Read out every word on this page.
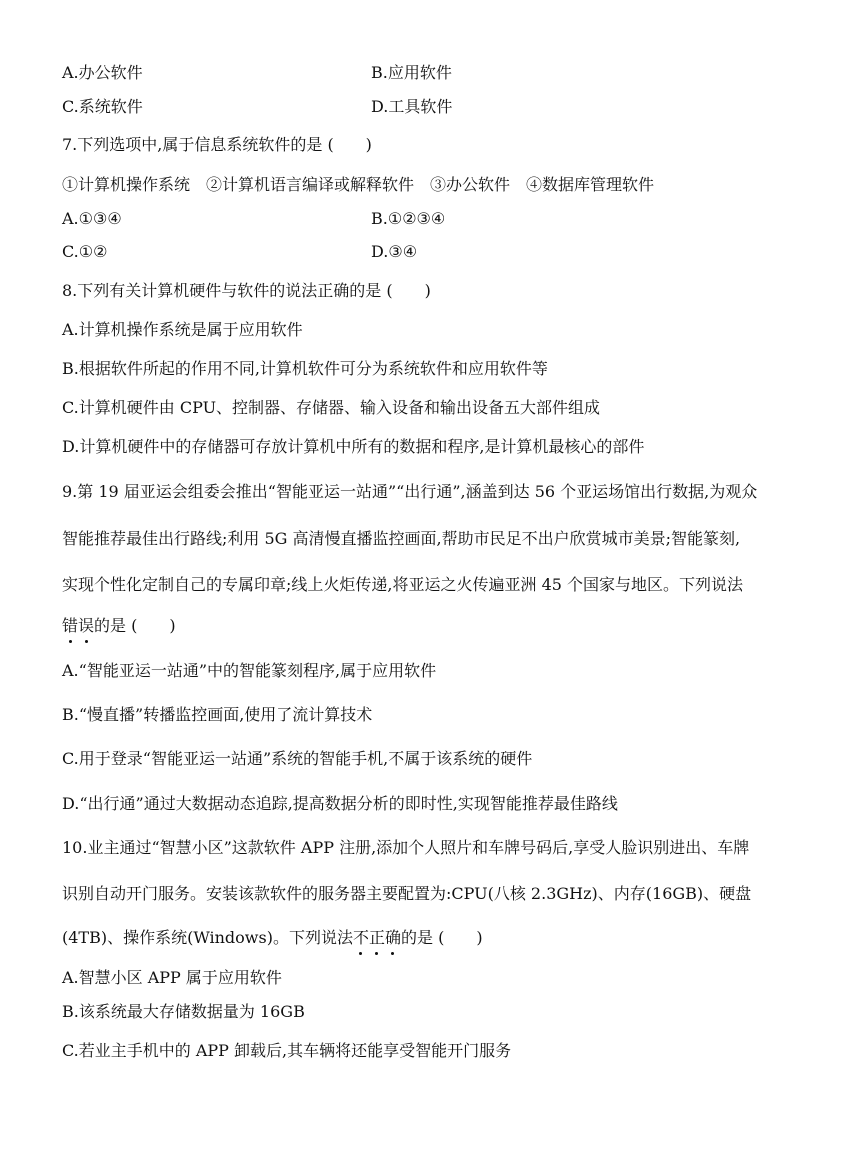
A.办公软件	B.应用软件
C.系统软件	D.工具软件
7.下列选项中,属于信息系统软件的是 (　　)
①计算机操作系统　②计算机语言编译或解释软件　③办公软件　④数据库管理软件
A.①③④	B.①②③④
C.①②	D.③④
8.下列有关计算机硬件与软件的说法正确的是 (　　)
A.计算机操作系统是属于应用软件
B.根据软件所起的作用不同,计算机软件可分为系统软件和应用软件等
C.计算机硬件由 CPU、控制器、存储器、输入设备和输出设备五大部件组成
D.计算机硬件中的存储器可存放计算机中所有的数据和程序,是计算机最核心的部件
9.第 19 届亚运会组委会推出“智能亚运一站通”“出行通”,涵盖到达 56 个亚运场馆出行数据,为观众
智能推荐最佳出行路线;利用 5G 高清慢直播监控画面,帮助市民足不出户欣赏城市美景;智能篆刻,
实现个性化定制自己的专属印章;线上火炬传递,将亚运之火传遍亚洲 45 个国家与地区。下列说法
错误的是 (　　)
A.“智能亚运一站通”中的智能篆刻程序,属于应用软件
B.“慢直播”转播监控画面,使用了流计算技术
C.用于登录“智能亚运一站通”系统的智能手机,不属于该系统的硬件
D.“出行通”通过大数据动态追踪,提高数据分析的即时性,实现智能推荐最佳路线
10.业主通过“智慧小区”这款软件 APP 注册,添加个人照片和车牌号码后,享受人脸识别进出、车牌
识别自动开门服务。安装该款软件的服务器主要配置为:CPU(八核 2.3GHz)、内存(16GB)、硬盘
(4TB)、操作系统(Windows)。下列说法不正确的是 (　　)
A.智慧小区 APP 属于应用软件
B.该系统最大存储数据量为 16GB
C.若业主手机中的 APP 卸载后,其车辆将还能享受智能开门服务
